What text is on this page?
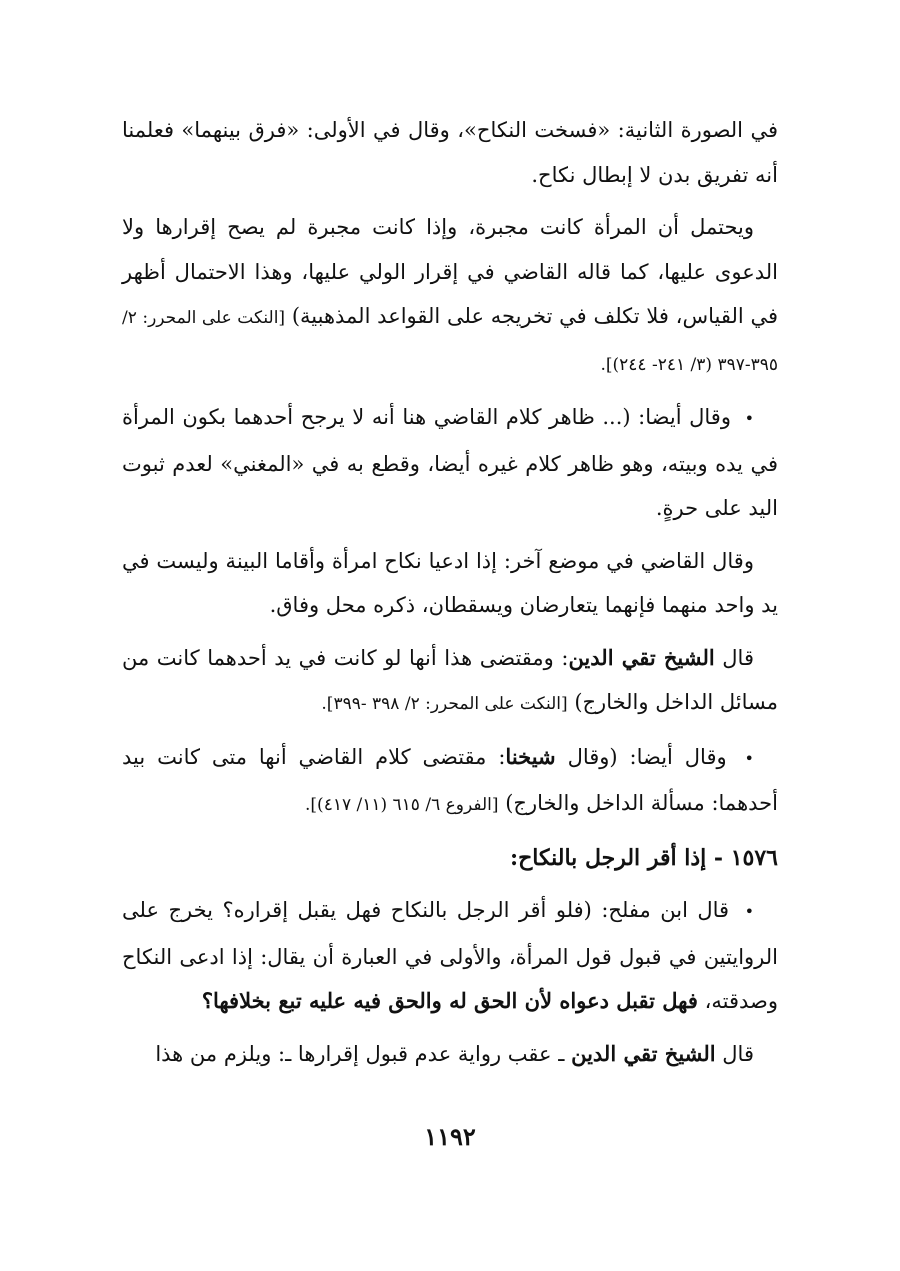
في الصورة الثانية: «فسخت النكاح»، وقال في الأولى: «فرق بينهما» فعلمنا أنه تفريق بدن لا إبطال نكاح.

ويحتمل أن المرأة كانت مجبرة، وإذا كانت مجبرة لم يصح إقرارها ولا الدعوى عليها، كما قاله القاضي في إقرار الولي عليها، وهذا الاحتمال أظهر في القياس، فلا تكلف في تخريجه على القواعد المذهبية) [النكت على المحرر: ٢/ ٣٩٥-٣٩٧ (٣/ ٢٤١- ٢٤٤)].

• وقال أيضا: (... ظاهر كلام القاضي هنا أنه لا يرجح أحدهما بكون المرأة في يده وبيته، وهو ظاهر كلام غيره أيضا، وقطع به في «المغني» لعدم ثبوت اليد على حرةٍ.

وقال القاضي في موضع آخر: إذا ادعيا نكاح امرأة وأقاما البينة وليست في يد واحد منهما فإنهما يتعارضان ويسقطان، ذكره محل وفاق.

قال الشيخ تقي الدين: ومقتضى هذا أنها لو كانت في يد أحدهما كانت من مسائل الداخل والخارج) [النكت على المحرر: ٢/ ٣٩٨ -٣٩٩].

• وقال أيضا: (وقال شيخنا: مقتضى كلام القاضي أنها متى كانت بيد أحدهما: مسألة الداخل والخارج) [الفروع ٦/ ٦١٥ (١١/ ٤١٧)].

١٥٧٦ - إذا أقر الرجل بالنكاح:

• قال ابن مفلح: (فلو أقر الرجل بالنكاح فهل يقبل إقراره؟ يخرج على الروايتين في قبول قول المرأة، والأولى في العبارة أن يقال: إذا ادعى النكاح وصدقته، فهل تقبل دعواه لأن الحق له والحق فيه عليه تبع بخلافها؟

قال الشيخ تقي الدين ـ عقب رواية عدم قبول إقرارها ـ: ويلزم من هذا

١١٩٢
